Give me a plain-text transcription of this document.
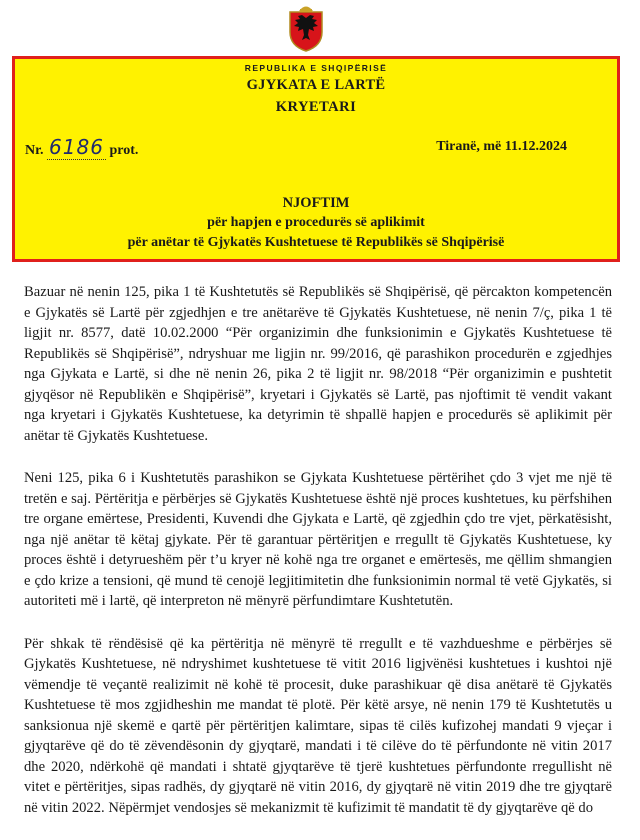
REPUBLIKA E SHQIPËRISË
GJYKATA E LARTË
KRYETARI
Nr. 6186 prot.	Tiranë, më 11.12.2024
NJOFTIM
për hapjen e procedurës së aplikimit
për anëtar të Gjykatës Kushtetuese të Republikës së Shqipërisë

Bazuar në nenin 125, pika 1 të Kushtetutës së Republikës së Shqipërisë, që përcakton kompetencën e Gjykatës së Lartë për zgjedhjen e tre anëtarëve të Gjykatës Kushtetuese, në nenin 7/ç, pika 1 të ligjit nr. 8577, datë 10.02.2000 “Për organizimin dhe funksionimin e Gjykatës Kushtetuese të Republikës së Shqipërisë”, ndryshuar me ligjin nr. 99/2016, që parashikon procedurën e zgjedhjes nga Gjykata e Lartë, si dhe në nenin 26, pika 2 të ligjit nr. 98/2018 “Për organizimin e pushtetit gjyqësor në Republikën e Shqipërisë”, kryetari i Gjykatës së Lartë, pas njoftimit të vendit vakant nga kryetari i Gjykatës Kushtetuese, ka detyrimin të shpallë hapjen e procedurës së aplikimit për anëtar të Gjykatës Kushtetuese.

Neni 125, pika 6 i Kushtetutës parashikon se Gjykata Kushtetuese përtërihet çdo 3 vjet me një të tretën e saj. Përtëritja e përbërjes së Gjykatës Kushtetuese është një proces kushtetues, ku përfshihen tre organe emërtese, Presidenti, Kuvendi dhe Gjykata e Lartë, që zgjedhin çdo tre vjet, përkatësisht, nga një anëtar të këtaj gjykate. Për të garantuar përtëritjen e rregullt të Gjykatës Kushtetuese, ky proces është i detyrueshëm për t’u kryer në kohë nga tre organet e emërtesës, me qëllim shmangien e çdo krize a tensioni, që mund të cenojë legjitimitetin dhe funksionimin normal të vetë Gjykatës, si autoriteti më i lartë, që interpreton në mënyrë përfundimtare Kushtetutën.

Për shkak të rëndësisë që ka përtëritja në mënyrë të rregullt e të vazhdueshme e përbërjes së Gjykatës Kushtetuese, në ndryshimet kushtetuese të vitit 2016 ligjvënësi kushtetues i kushtoi një vëmendje të veçantë realizimit në kohë të procesit, duke parashikuar që disa anëtarë të Gjykatës Kushtetuese të mos zgjidheshin me mandat të plotë. Për këtë arsye, në nenin 179 të Kushtetutës u sanksionua një skemë e qartë për përtëritjen kalimtare, sipas të cilës kufizohej mandati 9 vjeçar i gjyqtarëve që do të zëvendësonin dy gjyqtarë, mandati i të cilëve do të përfundonte në vitin 2017 dhe 2020, ndërkohë që mandati i shtatë gjyqtarëve të tjerë kushtetues përfundonte rregullisht në vitet e përtëritjes, sipas radhës, dy gjyqtarë në vitin 2016, dy gjyqtarë në vitin 2019 dhe tre gjyqtarë në vitin 2022. Nëpërmjet vendosjes së mekanizmit të kufizimit të mandatit të dy gjyqtarëve që do
